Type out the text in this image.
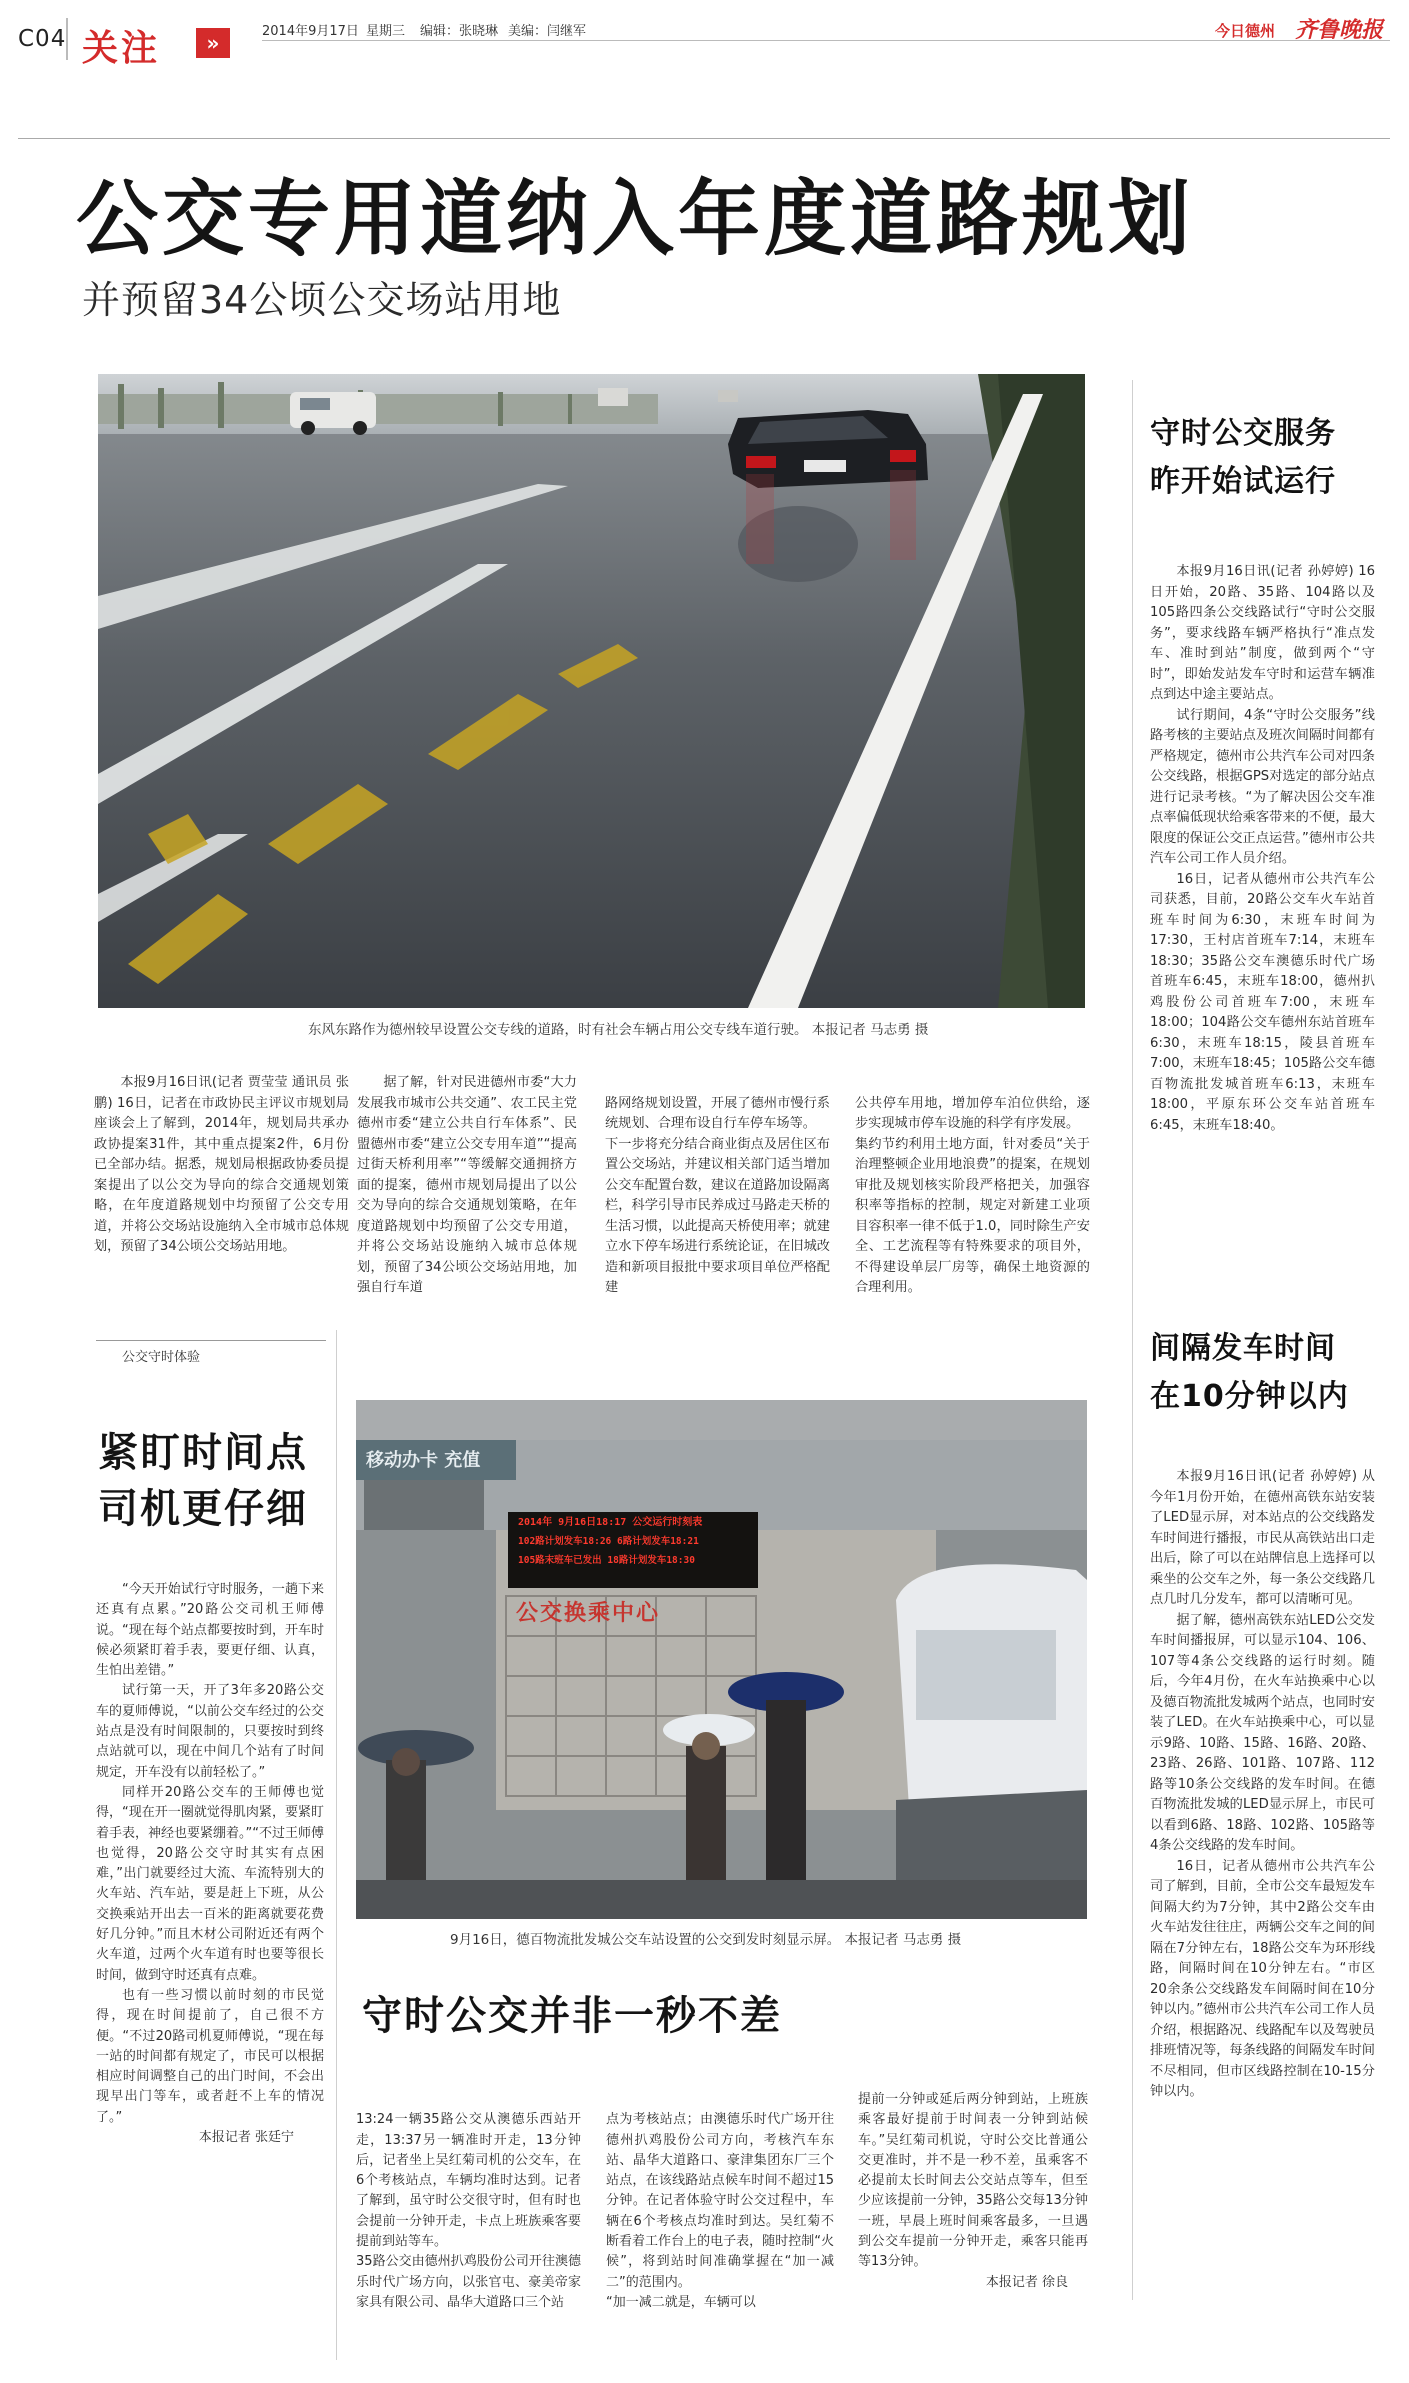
C04 关注	»	2014年9月17日 星期三 编辑：张晓琳 美编：闫继军	今日德州 齐鲁晚报
公交专用道纳入年度道路规划
并预留34公顷公交场站用地

东风东路作为德州较早设置公交专线的道路，时有社会车辆占用公交专线车道行驶。 本报记者 马志勇 摄

本报9月16日讯(记者 贾莹莹 通讯员 张鹏) 16日，记者在市政协民主评议市规划局座谈会上了解到，2014年，规划局共承办政协提案31件，其中重点提案2件，6月份已全部办结。据悉，规划局根据政协委员提案提出了以公交为导向的综合交通规划策略，在年度道路规划中均预留了公交专用道，并将公交场站设施纳入全市城市总体规划，预留了34公顷公交场站用地。

据了解，针对民进德州市委“大力发展我市城市公共交通”、农工民主党德州市委“建立公共自行车体系”、民盟德州市委“建立公交专用车道”“提高过街天桥利用率”“等缓解交通拥挤方面的提案，德州市规划局提出了以公交为导向的综合交通规划策略，在年度道路规划中均预留了公交专用道，并将公交场站设施纳入城市总体规划，预留了34公顷公交场站用地，加强自行车道

路网络规划设置，开展了德州市慢行系统规划、合理布设自行车停车场等。
下一步将充分结合商业街点及居住区布置公交场站，并建议相关部门适当增加公交车配置台数，建议在道路加设隔离栏，科学引导市民养成过马路走天桥的生活习惯，以此提高天桥使用率；就建立水下停车场进行系统论证，在旧城改造和新项目报批中要求项目单位严格配建

公共停车用地，增加停车泊位供给，逐步实现城市停车设施的科学有序发展。
集约节约利用土地方面，针对委员“关于治理整顿企业用地浪费”的提案，在规划审批及规划核实阶段严格把关，加强容积率等指标的控制，规定对新建工业项目容积率一律不低于1.0，同时除生产安全、工艺流程等有特殊要求的项目外，不得建设单层厂房等，确保土地资源的合理利用。

守时公交服务
昨开始试运行

本报9月16日讯(记者 孙婷婷) 16日开始，20路、35路、104路以及105路四条公交线路试行“守时公交服务”，要求线路车辆严格执行“准点发车、准时到站”制度，做到两个“守时”，即始发站发车守时和运营车辆准点到达中途主要站点。

试行期间，4条“守时公交服务”线路考核的主要站点及班次间隔时间都有严格规定，德州市公共汽车公司对四条公交线路，根据GPS对选定的部分站点进行记录考核。“为了解决因公交车准点率偏低现状给乘客带来的不便，最大限度的保证公交正点运营。”德州市公共汽车公司工作人员介绍。

16日，记者从德州市公共汽车公司获悉，目前，20路公交车火车站首班车时间为6:30，末班车时间为17:30，王村店首班车7:14，末班车18:30；35路公交车澳德乐时代广场首班车6:45，末班车18:00，德州扒鸡股份公司首班车7:00，末班车18:00；104路公交车德州东站首班车6:30，末班车18:15，陵县首班车7:00，末班车18:45；105路公交车德百物流批发城首班车6:13，末班车18:00，平原东环公交车站首班车6:45，末班车18:40。

间隔发车时间
在10分钟以内

本报9月16日讯(记者 孙婷婷) 从今年1月份开始，在德州高铁东站安装了LED显示屏，对本站点的公交线路发车时间进行播报，市民从高铁站出口走出后，除了可以在站牌信息上选择可以乘坐的公交车之外，每一条公交线路几点几时几分发车，都可以清晰可见。

据了解，德州高铁东站LED公交发车时间播报屏，可以显示104、106、107等4条公交线路的运行时刻。随后，今年4月份，在火车站换乘中心以及德百物流批发城两个站点，也同时安装了LED。在火车站换乘中心，可以显示9路、10路、15路、16路、20路、23路、26路、101路、107路、112路等10条公交线路的发车时间。在德百物流批发城的LED显示屏上，市民可以看到6路、18路、102路、105路等4条公交线路的发车时间。

16日，记者从德州市公共汽车公司了解到，目前，全市公交车最短发车间隔大约为7分钟，其中2路公交车由火车站发往往庄，两辆公交车之间的间隔在7分钟左右，18路公交车为环形线路，间隔时间在10分钟左右。“市区20余条公交线路发车间隔时间在10分钟以内。”德州市公共汽车公司工作人员介绍，根据路况、线路配车以及驾驶员排班情况等，每条线路的间隔发车时间不尽相同，但市区线路控制在10-15分钟以内。

公交守时体验
紧盯时间点
司机更仔细

“今天开始试行守时服务，一趟下来还真有点累。”20路公交司机王师傅说。“现在每个站点都要按时到，开车时候必须紧盯着手表，要更仔细、认真，生怕出差错。”

试行第一天，开了3年多20路公交车的夏师傅说，“以前公交车经过的公交站点是没有时间限制的，只要按时到终点站就可以，现在中间几个站有了时间规定，开车没有以前轻松了。”

同样开20路公交车的王师傅也觉得，“现在开一圈就觉得肌肉紧，要紧盯着手表，神经也要紧绷着。”“不过王师傅也觉得，20路公交守时其实有点困难，”出门就要经过大流、车流特别大的火车站、汽车站，要是赶上下班，从公交换乘站开出去一百米的距离就要花费好几分钟。”而且木材公司附近还有两个火车道，过两个火车道有时也要等很长时间，做到守时还真有点难。

也有一些习惯以前时刻的市民觉得，现在时间提前了，自己很不方便。“不过20路司机夏师傅说，“现在每一站的时间都有规定了，市民可以根据相应时间调整自己的出门时间，不会出现早出门等车，或者赶不上车的情况了。”

本报记者 张廷宁

移动办卡 充值
2014年 9月16日18:17 公交运行时刻表
102路计划发车18:26 6路计划发车18:21
105路末班车已发出 18路计划发车18:30
公交换乘中心

9月16日，德百物流批发城公交车站设置的公交到发时刻显示屏。 本报记者 马志勇 摄

守时公交并非一秒不差

13:24一辆35路公交从澳德乐西站开走，13:37另一辆准时开走，13分钟后，记者坐上吴红菊司机的公交车，在6个考核站点，车辆均准时达到。记者了解到，虽守时公交很守时，但有时也会提前一分钟开走，卡点上班族乘客要提前到站等车。
35路公交由德州扒鸡股份公司开往澳德乐时代广场方向，以张官屯、豪美帝家家具有限公司、晶华大道路口三个站

点为考核站点；由澳德乐时代广场开往德州扒鸡股份公司方向，考核汽车东站、晶华大道路口、豪津集团东厂三个站点，在该线路站点候车时间不超过15分钟。在记者体验守时公交过程中，车辆在6个考核点均准时到达。吴红菊不断看着工作台上的电子表，随时控制“火候”，将到站时间准确掌握在“加一减二”的范围内。
“加一减二就是，车辆可以

提前一分钟或延后两分钟到站，上班族乘客最好提前于时间表一分钟到站候车。”吴红菊司机说，守时公交比普通公交更准时，并不是一秒不差，虽乘客不必提前太长时间去公交站点等车，但至少应该提前一分钟，35路公交每13分钟一班，早晨上班时间乘客最多，一旦遇到公交车提前一分钟开走，乘客只能再等13分钟。

本报记者 徐良
